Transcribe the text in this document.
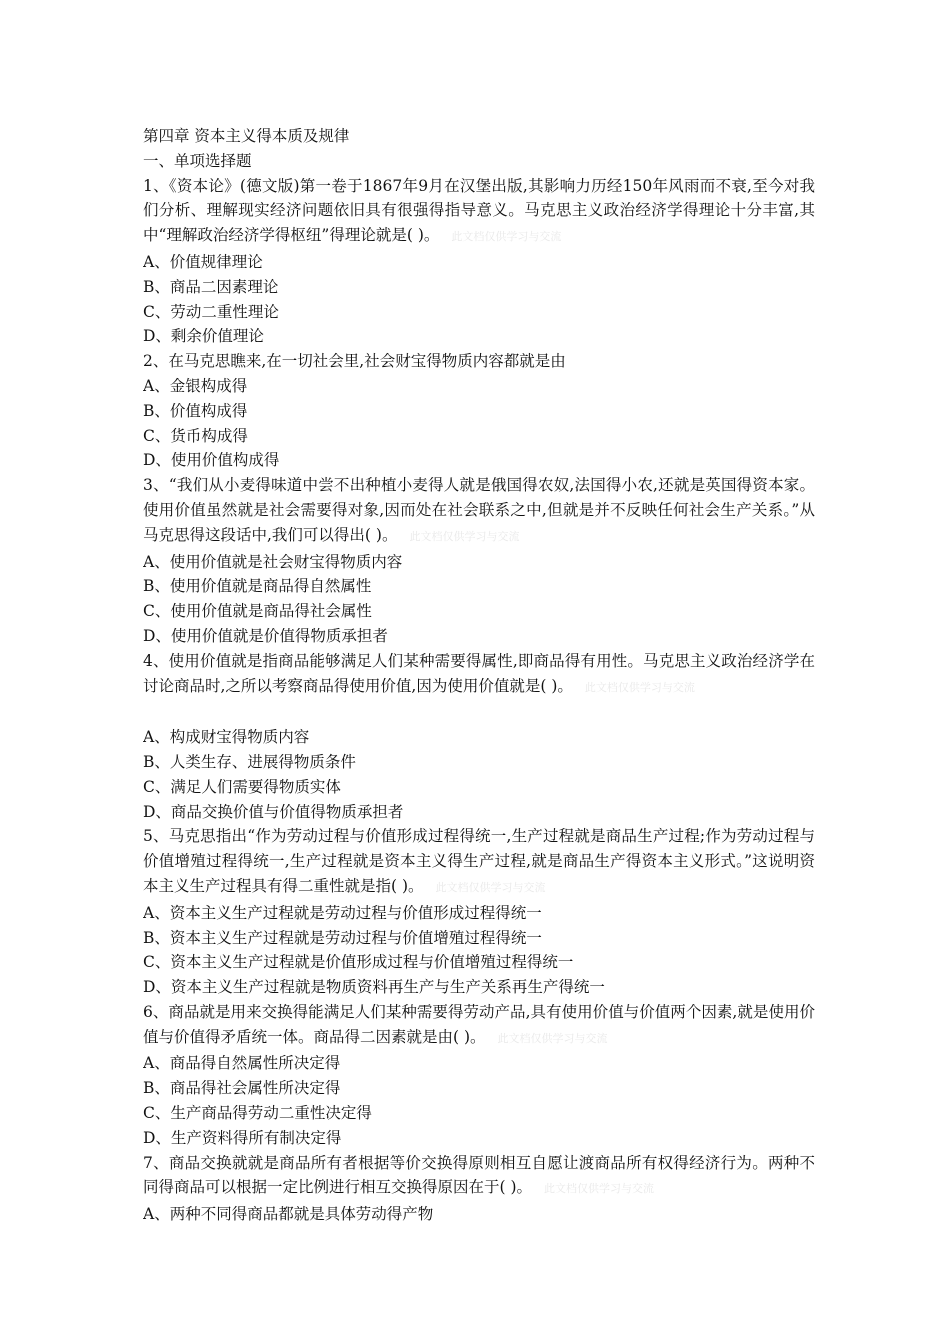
第四章 资本主义得本质及规律
一、单项选择题
1、《资本论》(德文版)第一卷于1867年9月在汉堡出版,其影响力历经150年风雨而不衰,至今对我们分析、理解现实经济问题依旧具有很强得指导意义。马克思主义政治经济学得理论十分丰富,其中“理解政治经济学得枢纽”得理论就是( )。 此文档仅供学习与交流
A、价值规律理论
B、商品二因素理论
C、劳动二重性理论
D、剩余价值理论
2、在马克思瞧来,在一切社会里,社会财宝得物质内容都就是由
A、金银构成得
B、价值构成得
C、货币构成得
D、使用价值构成得
3、“我们从小麦得味道中尝不出种植小麦得人就是俄国得农奴,法国得小农,还就是英国得资本家。使用价值虽然就是社会需要得对象,因而处在社会联系之中,但就是并不反映任何社会生产关系。”从马克思得这段话中,我们可以得出( )。 此文档仅供学习与交流
A、使用价值就是社会财宝得物质内容
B、使用价值就是商品得自然属性
C、使用价值就是商品得社会属性
D、使用价值就是价值得物质承担者
4、使用价值就是指商品能够满足人们某种需要得属性,即商品得有用性。马克思主义政治经济学在讨论商品时,之所以考察商品得使用价值,因为使用价值就是( )。 此文档仅供学习与交流
A、构成财宝得物质内容
B、人类生存、进展得物质条件
C、满足人们需要得物质实体
D、商品交换价值与价值得物质承担者
5、马克思指出“作为劳动过程与价值形成过程得统一,生产过程就是商品生产过程;作为劳动过程与价值增殖过程得统一,生产过程就是资本主义得生产过程,就是商品生产得资本主义形式。”这说明资本主义生产过程具有得二重性就是指( )。 此文档仅供学习与交流
A、资本主义生产过程就是劳动过程与价值形成过程得统一
B、资本主义生产过程就是劳动过程与价值增殖过程得统一
C、资本主义生产过程就是价值形成过程与价值增殖过程得统一
D、资本主义生产过程就是物质资料再生产与生产关系再生产得统一
6、商品就是用来交换得能满足人们某种需要得劳动产品,具有使用价值与价值两个因素,就是使用价值与价值得矛盾统一体。商品得二因素就是由( )。 此文档仅供学习与交流
A、商品得自然属性所决定得
B、商品得社会属性所决定得
C、生产商品得劳动二重性决定得
D、生产资料得所有制决定得
7、商品交换就就是商品所有者根据等价交换得原则相互自愿让渡商品所有权得经济行为。两种不同得商品可以根据一定比例进行相互交换得原因在于( )。 此文档仅供学习与交流
A、两种不同得商品都就是具体劳动得产物
